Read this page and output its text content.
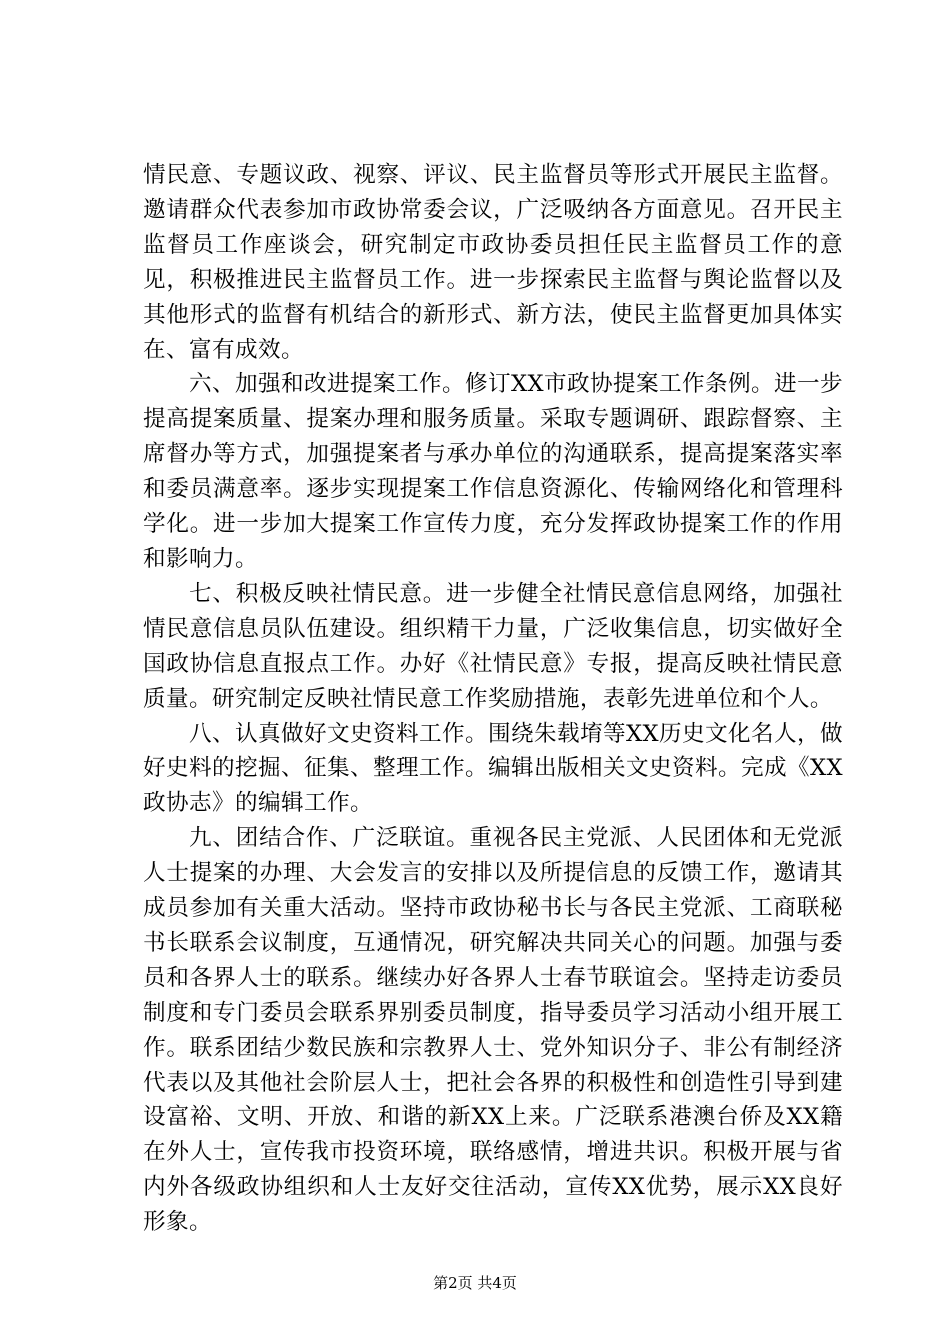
情民意、专题议政、视察、评议、民主监督员等形式开展民主监督。邀请群众代表参加市政协常委会议，广泛吸纳各方面意见。召开民主监督员工作座谈会，研究制定市政协委员担任民主监督员工作的意见，积极推进民主监督员工作。进一步探索民主监督与舆论监督以及其他形式的监督有机结合的新形式、新方法，使民主监督更加具体实在、富有成效。

六、加强和改进提案工作。修订XX市政协提案工作条例。进一步提高提案质量、提案办理和服务质量。采取专题调研、跟踪督察、主席督办等方式，加强提案者与承办单位的沟通联系，提高提案落实率和委员满意率。逐步实现提案工作信息资源化、传输网络化和管理科学化。进一步加大提案工作宣传力度，充分发挥政协提案工作的作用和影响力。

七、积极反映社情民意。进一步健全社情民意信息网络，加强社情民意信息员队伍建设。组织精干力量，广泛收集信息，切实做好全国政协信息直报点工作。办好《社情民意》专报，提高反映社情民意质量。研究制定反映社情民意工作奖励措施，表彰先进单位和个人。

八、认真做好文史资料工作。围绕朱载堉等XX历史文化名人，做好史料的挖掘、征集、整理工作。编辑出版相关文史资料。完成《XX政协志》的编辑工作。

九、团结合作、广泛联谊。重视各民主党派、人民团体和无党派人士提案的办理、大会发言的安排以及所提信息的反馈工作，邀请其成员参加有关重大活动。坚持市政协秘书长与各民主党派、工商联秘书长联系会议制度，互通情况，研究解决共同关心的问题。加强与委员和各界人士的联系。继续办好各界人士春节联谊会。坚持走访委员制度和专门委员会联系界别委员制度，指导委员学习活动小组开展工作。联系团结少数民族和宗教界人士、党外知识分子、非公有制经济代表以及其他社会阶层人士，把社会各界的积极性和创造性引导到建设富裕、文明、开放、和谐的新XX上来。广泛联系港澳台侨及XX籍在外人士，宣传我市投资环境，联络感情，增进共识。积极开展与省内外各级政协组织和人士友好交往活动，宣传XX优势，展示XX良好形象。

第2页 共4页
